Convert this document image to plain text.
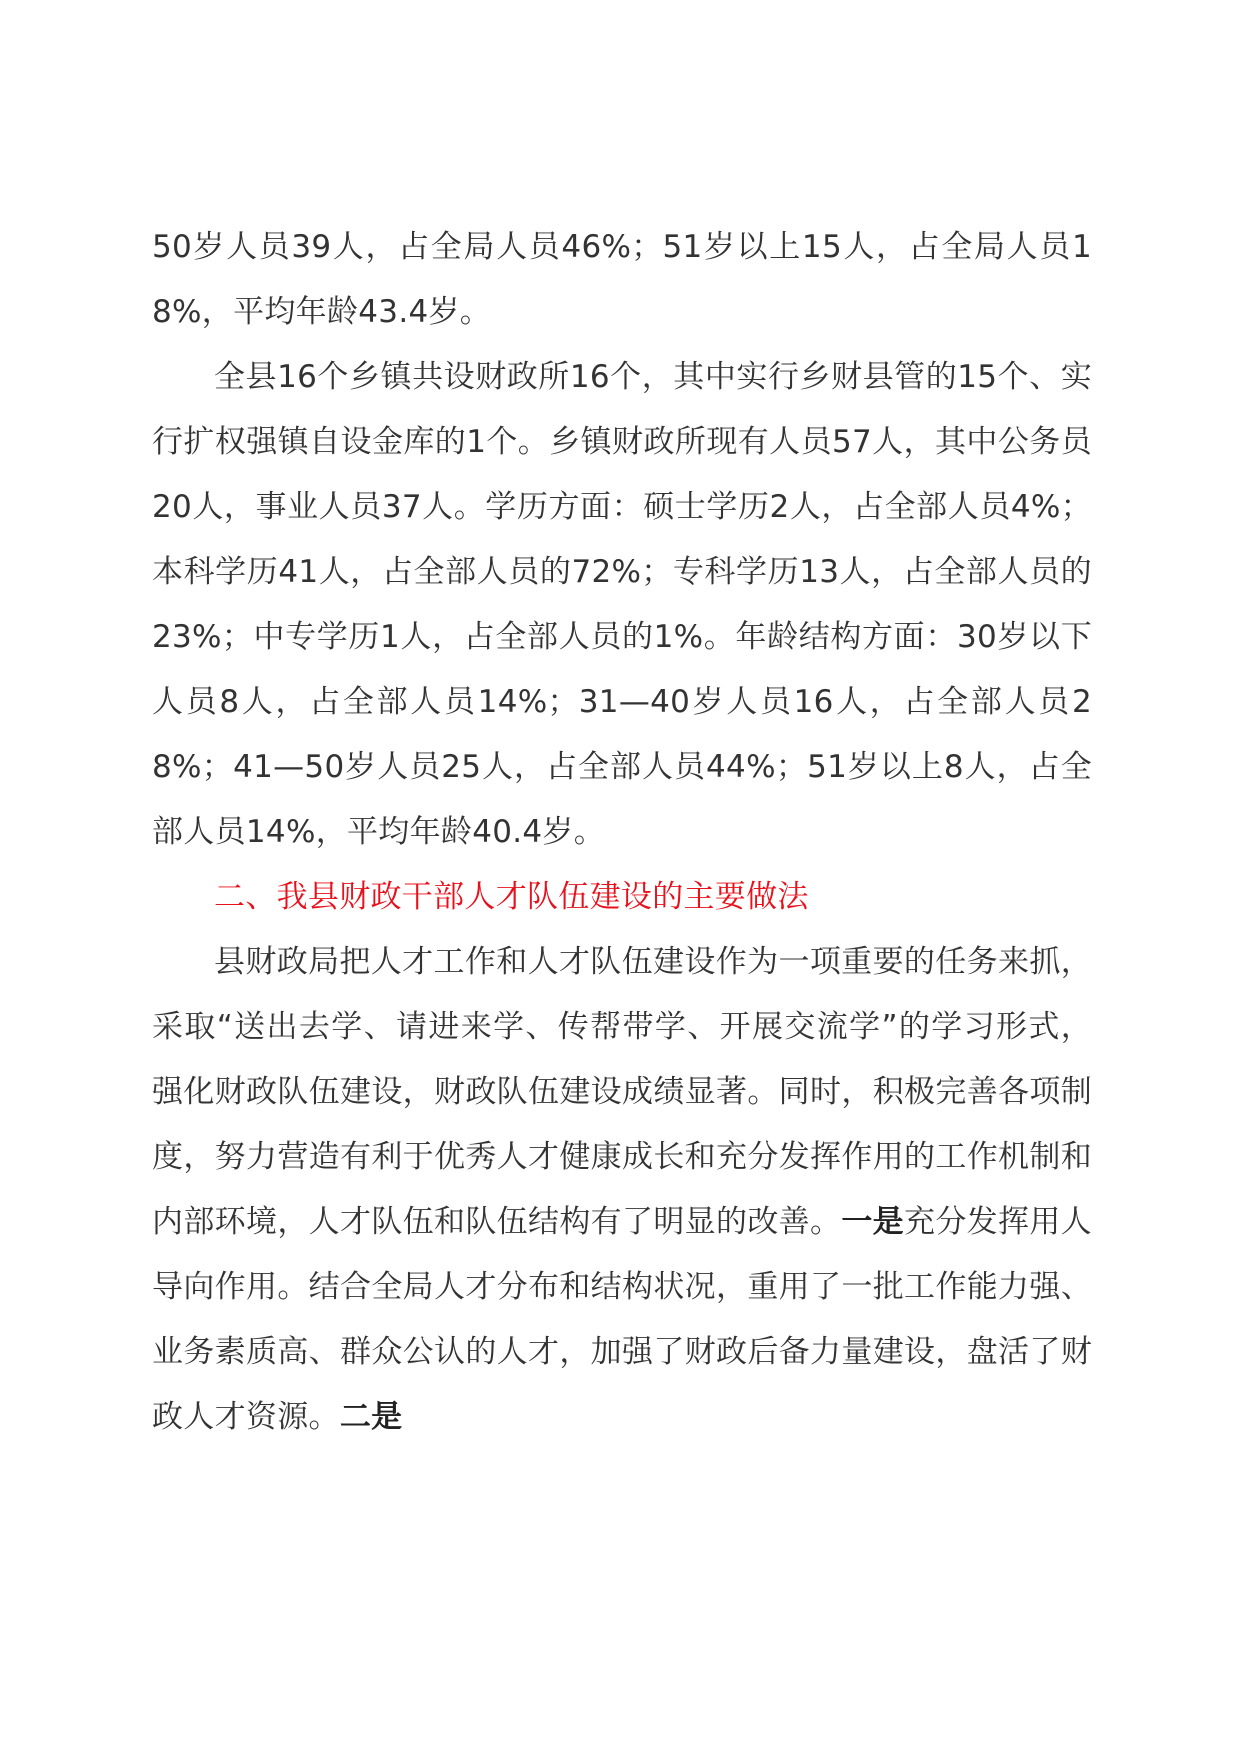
50岁人员39人，占全局人员46%；51岁以上15人，占全局人员18%，平均年龄43.4岁。

全县16个乡镇共设财政所16个，其中实行乡财县管的15个、实行扩权强镇自设金库的1个。乡镇财政所现有人员57人，其中公务员20人，事业人员37人。学历方面：硕士学历2人，占全部人员4%；本科学历41人，占全部人员的72%；专科学历13人，占全部人员的23%；中专学历1人，占全部人员的1%。年龄结构方面：30岁以下人员8人，占全部人员14%；31—40岁人员16人，占全部人员28%；41—50岁人员25人，占全部人员44%；51岁以上8人，占全部人员14%，平均年龄40.4岁。

二、我县财政干部人才队伍建设的主要做法

县财政局把人才工作和人才队伍建设作为一项重要的任务来抓，采取“送出去学、请进来学、传帮带学、开展交流学”的学习形式，强化财政队伍建设，财政队伍建设成绩显著。同时，积极完善各项制度，努力营造有利于优秀人才健康成长和充分发挥作用的工作机制和内部环境，人才队伍和队伍结构有了明显的改善。一是充分发挥用人导向作用。结合全局人才分布和结构状况，重用了一批工作能力强、业务素质高、群众公认的人才，加强了财政后备力量建设，盘活了财政人才资源。二是
